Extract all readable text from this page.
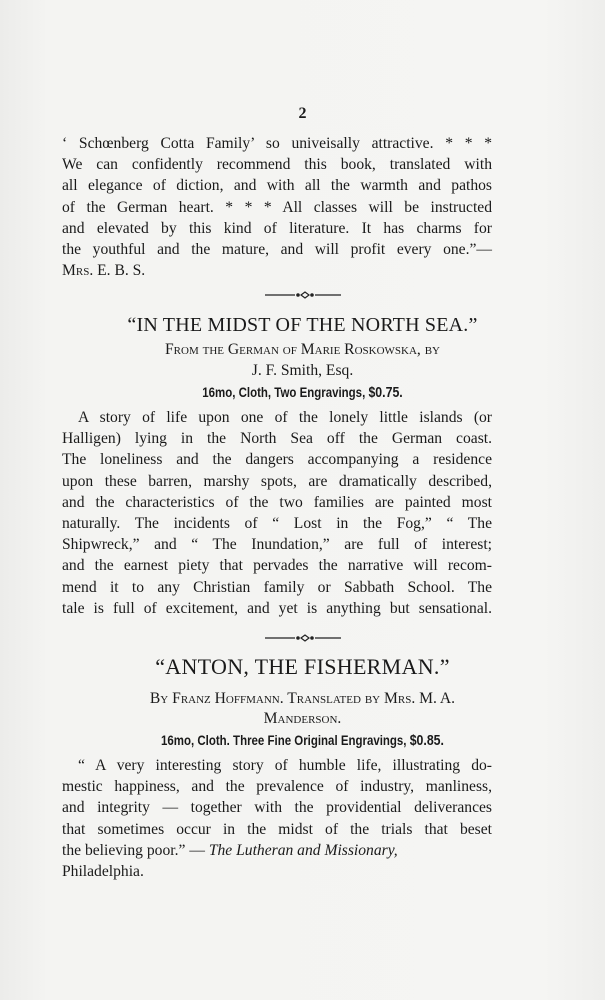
2

‘ Schœnberg Cotta Family’ so univeisally attractive. * * *
We can confidently recommend this book, translated with
all elegance of diction, and with all the warmth and pathos
of the German heart. * * * All classes will be instructed
and elevated by this kind of literature. It has charms for
the youthful and the mature, and will profit every one.”—
Mrs. E. B. S.

“IN THE MIDST OF THE NORTH SEA.”
From the German of Marie Roskowska, by
J. F. Smith, Esq.
16mo, Cloth, Two Engravings, $0.75.

A story of life upon one of the lonely little islands (or
Halligen) lying in the North Sea off the German coast.
The loneliness and the dangers accompanying a residence
upon these barren, marshy spots, are dramatically described,
and the characteristics of the two families are painted most
naturally. The incidents of “ Lost in the Fog,” “ The
Shipwreck,” and “ The Inundation,” are full of interest;
and the earnest piety that pervades the narrative will recom-
mend it to any Christian family or Sabbath School. The
tale is full of excitement, and yet is anything but sensational.

“ANTON, THE FISHERMAN.”
By Franz Hoffmann. Translated by Mrs. M. A.
Manderson.
16mo, Cloth. Three Fine Original Engravings, $0.85.

“ A very interesting story of humble life, illustrating do-
mestic happiness, and the prevalence of industry, manliness,
and integrity — together with the providential deliverances
that sometimes occur in the midst of the trials that beset
the believing poor.” — The Lutheran and Missionary,
Philadelphia.
